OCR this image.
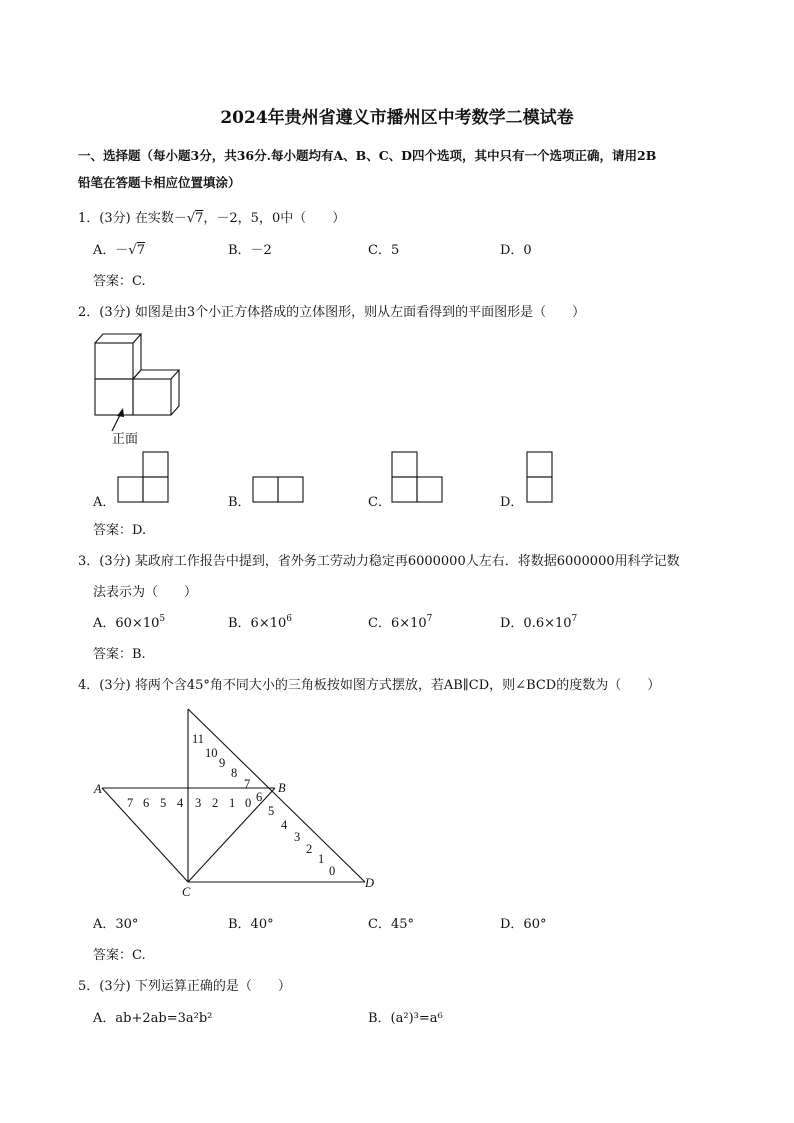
2024年贵州省遵义市播州区中考数学二模试卷
一、选择题（每小题3分，共36分.每小题均有A、B、C、D四个选项，其中只有一个选项正确，请用2B
铅笔在答题卡相应位置填涂）
1．(3分) 在实数－√7，－2，5，0中（　　）
A．－√7	B．－2	C．5	D．0
答案：C.
2．(3分) 如图是由3个小正方体搭成的立体图形，则从左面看得到的平面图形是（　　）
正面
A．	B．	C．	D．
答案：D.
3．(3分) 某政府工作报告中提到，省外务工劳动力稳定再6000000人左右．将数据6000000用科学记数
法表示为（　　）
A．$60\times 10^5$	B．$6\times 10^6$	C．$6\times 10^7$	D．$0.6\times 10^7$
答案：B.
4．(3分) 将两个含45°角不同大小的三角板按如图方式摆放，若AB∥CD，则∠BCD的度数为（　　）
A	B
C
D
11
10
9
8
7
6
7 6 5 4 3 2 1 0
5
4
3
2
1
0
A．30°	B．40°	C．45°	D．60°
答案：C.
5．(3分) 下列运算正确的是（　　）
A．ab+2ab=3a²b²	B．(a²)³=a⁶
